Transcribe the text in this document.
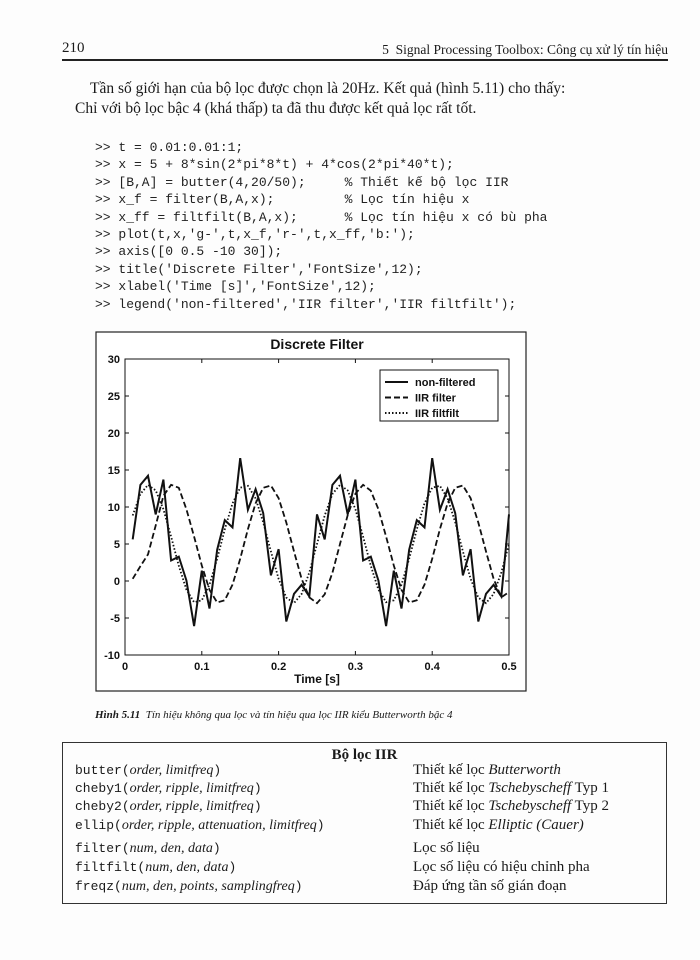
210	5  Signal Processing Toolbox: Công cụ xử lý tín hiệu
Tần số giới hạn của bộ lọc được chọn là 20Hz. Kết quả (hình 5.11) cho thấy:
Chỉ với bộ lọc bậc 4 (khá thấp) ta đã thu được kết quả lọc rất tốt.
>> t = 0.01:0.01:1;
>> x = 5 + 8*sin(2*pi*8*t) + 4*cos(2*pi*40*t);
>> [B,A] = butter(4,20/50);     % Thiết kế bộ lọc IIR
>> x_f = filter(B,A,x);         % Lọc tín hiệu x
>> x_ff = filtfilt(B,A,x);      % Lọc tín hiệu x có bù pha
>> plot(t,x,'g-',t,x_f,'r-',t,x_ff,'b:');
>> axis([0 0.5 -10 30]);
>> title('Discrete Filter','FontSize',12);
>> xlabel('Time [s]','FontSize',12);
>> legend('non-filtered','IIR filter','IIR filtfilt');
Discrete Filter
0	0.1	0.2	0.3	0.4	0.5
30
25
20
15
10
5
0
-5
-10
Time [s]
non-filtered
IIR filter
IIR filtfilt
Hình 5.11 Tín hiệu không qua lọc và tín hiệu qua lọc IIR kiểu Butterworth bậc 4
Bộ lọc IIR
butter(order, limitfreq)	Thiết kế lọc Butterworth
cheby1(order, ripple, limitfreq)	Thiết kế lọc Tschebyscheff Typ 1
cheby2(order, ripple, limitfreq)	Thiết kế lọc Tschebyscheff Typ 2
ellip(order, ripple, attenuation, limitfreq)	Thiết kế lọc Elliptic (Cauer)
filter(num, den, data)	Lọc số liệu
filtfilt(num, den, data)	Lọc số liệu có hiệu chỉnh pha
freqz(num, den, points, samplingfreq)	Đáp ứng tần số gián đoạn
